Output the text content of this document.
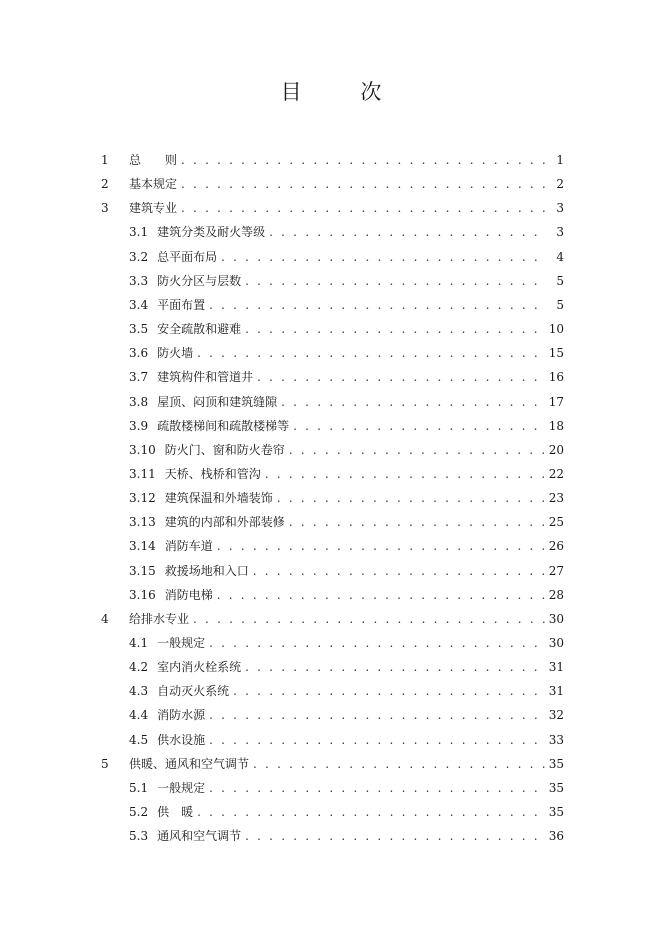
目 次
1	总　　则 . . .	1
2	基本规定 . . .	2
3	建筑专业 . . .	3
3.1 建筑分类及耐火等级 . . .	3
3.2 总平面布局 . . .	4
3.3 防火分区与层数 . . .	5
3.4 平面布置 . . .	5
3.5 安全疏散和避难 . . .	10
3.6 防火墙 . . .	15
3.7 建筑构件和管道井 . . .	16
3.8 屋顶、闷顶和建筑缝隙 . . .	17
3.9 疏散楼梯间和疏散楼梯等 . . .	18
3.10 防火门、窗和防火卷帘 . . .	20
3.11 天桥、栈桥和管沟 . . .	22
3.12 建筑保温和外墙装饰 . . .	23
3.13 建筑的内部和外部装修 . . .	25
3.14 消防车道 . . .	26
3.15 救援场地和入口 . . .	27
3.16 消防电梯 . . .	28
4	给排水专业 . . .	30
4.1 一般规定 . . .	30
4.2 室内消火栓系统 . . .	31
4.3 自动灭火系统 . . .	31
4.4 消防水源 . . .	32
4.5 供水设施 . . .	33
5	供暖、通风和空气调节 . . .	35
5.1 一般规定 . . .	35
5.2 供　暖 . . .	35
5.3 通风和空气调节 . . .	36
